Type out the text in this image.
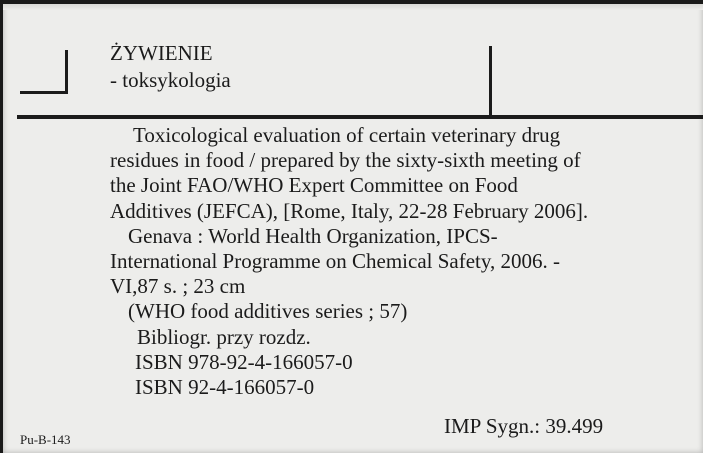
ŻYWIENIE
- toksykologia
Toxicological evaluation of certain veterinary drug
residues in food / prepared by the sixty-sixth meeting of
the Joint FAO/WHO Expert Committee on Food
Additives (JEFCA), [Rome, Italy, 22-28 February 2006].
Genava : World Health Organization, IPCS-
International Programme on Chemical Safety, 2006. -
VI,87 s. ; 23 cm
(WHO food additives series ; 57)
Bibliogr. przy rozdz.
ISBN 978-92-4-166057-0
ISBN 92-4-166057-0
IMP Sygn.: 39.499
Pu-B-143
